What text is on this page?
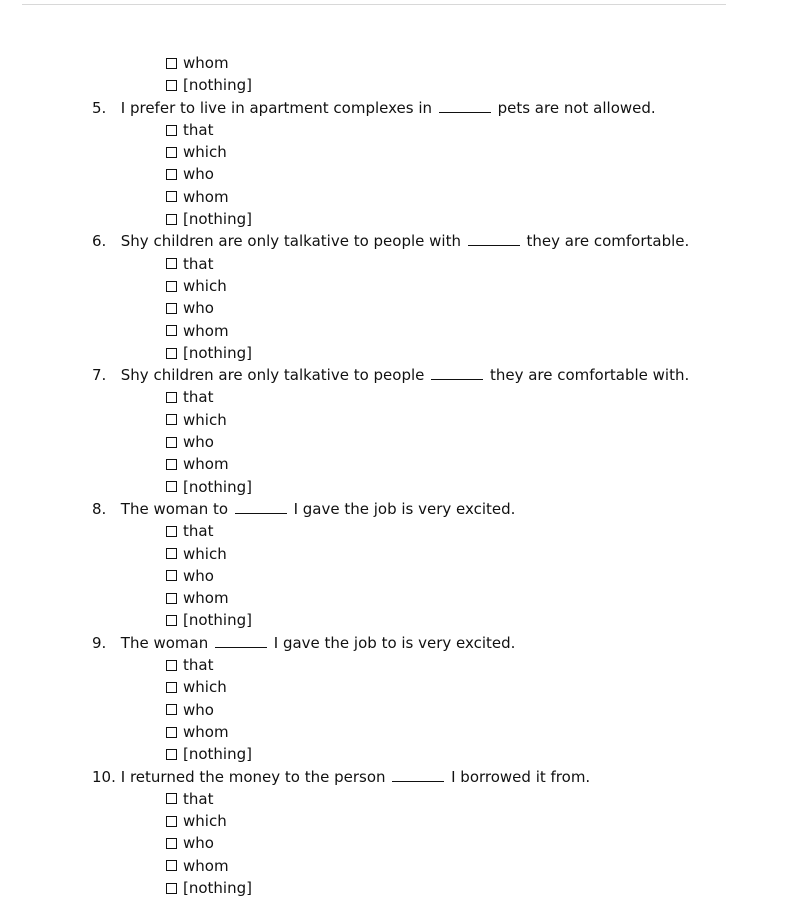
whom
[nothing]
5. I prefer to live in apartment complexes in	pets are not allowed.
that
which
who
whom
[nothing]
6. Shy children are only talkative to people with	they are comfortable.
that
which
who
whom
[nothing]
7. Shy children are only talkative to people	they are comfortable with.
that
which
who
whom
[nothing]
8. The woman to	I gave the job is very excited.
that
which
who
whom
[nothing]
9. The woman	I gave the job to is very excited.
that
which
who
whom
[nothing]
10. I returned the money to the person	I borrowed it from.
that
which
who
whom
[nothing]
